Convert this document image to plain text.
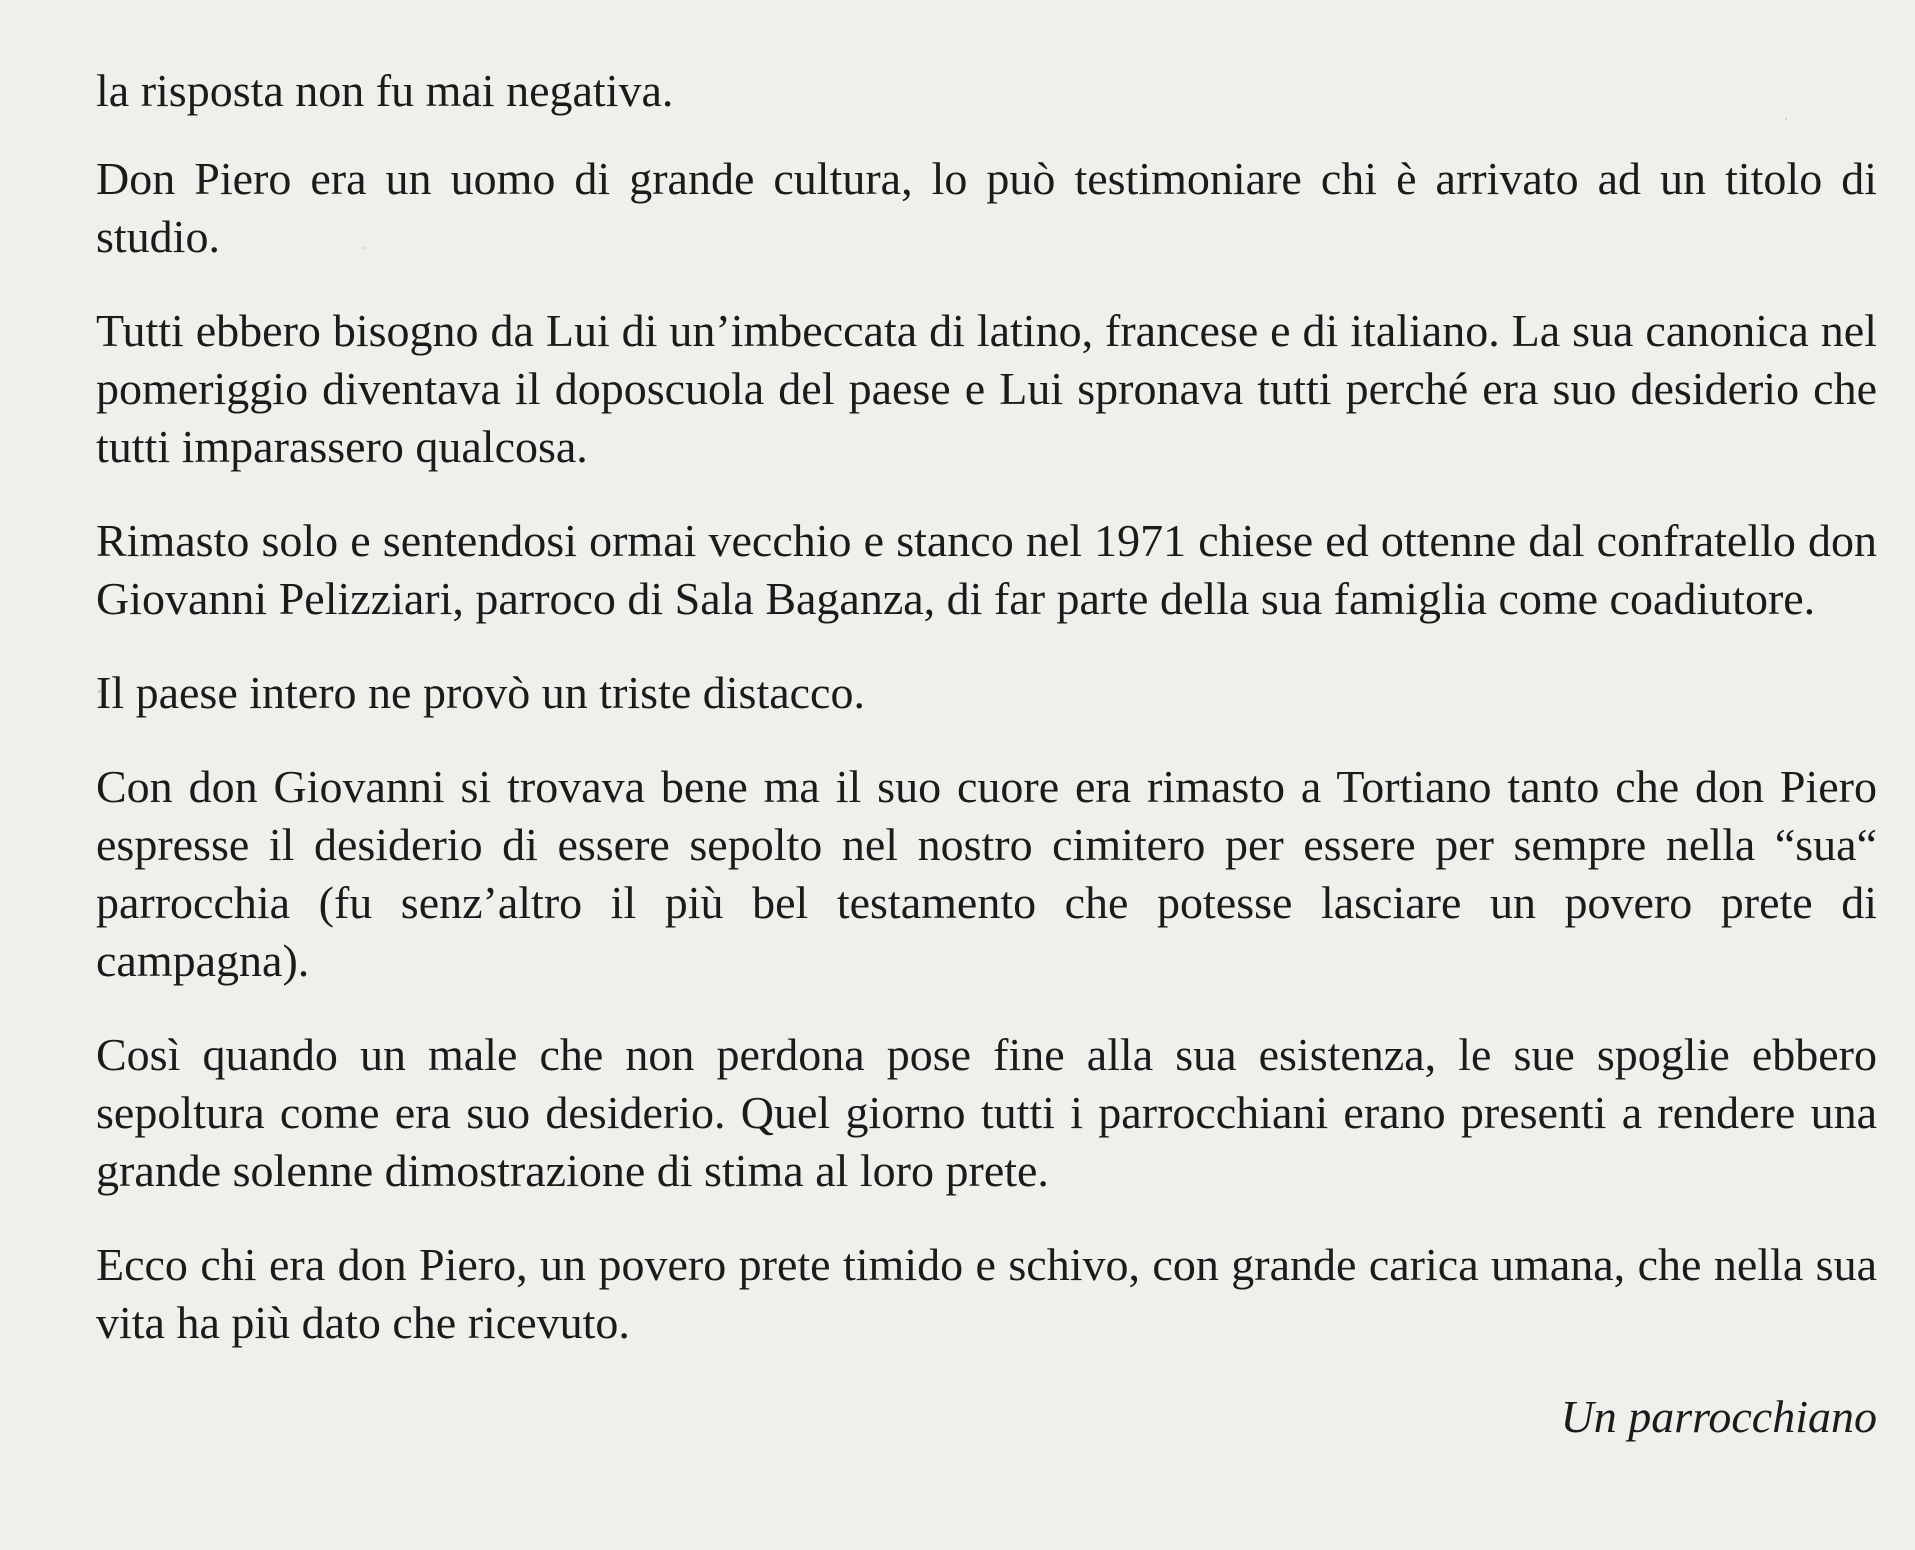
la risposta non fu mai negativa.

Don Piero era un uomo di grande cultura, lo può testimoniare chi è arrivato ad un titolo di studio.

Tutti ebbero bisogno da Lui di un’imbeccata di latino, francese e di italiano. La sua canonica nel pomeriggio diventava il doposcuola del paese e Lui spronava tutti perché era suo desiderio che tutti imparassero qualcosa.

Rimasto solo e sentendosi ormai vecchio e stanco nel 1971 chiese ed ottenne dal confratello don Giovanni Pelizziari, parroco di Sala Baganza, di far parte della sua famiglia come coadiutore.

Il paese intero ne provò un triste distacco.

Con don Giovanni si trovava bene ma il suo cuore era rimasto a Tortiano tanto che don Piero espresse il desiderio di essere sepolto nel nostro cimitero per essere per sempre nella “sua“ parrocchia (fu senz’altro il più bel testamento che potesse lasciare un povero prete di campagna).

Così quando un male che non perdona pose fine alla sua esistenza, le sue spoglie ebbero sepoltura come era suo desiderio. Quel giorno tutti i parrocchiani erano presenti a rendere una grande solenne dimostrazione di stima al loro prete.

Ecco chi era don Piero, un povero prete timido e schivo, con grande carica umana, che nella sua vita ha più dato che ricevuto.

Un parrocchiano
